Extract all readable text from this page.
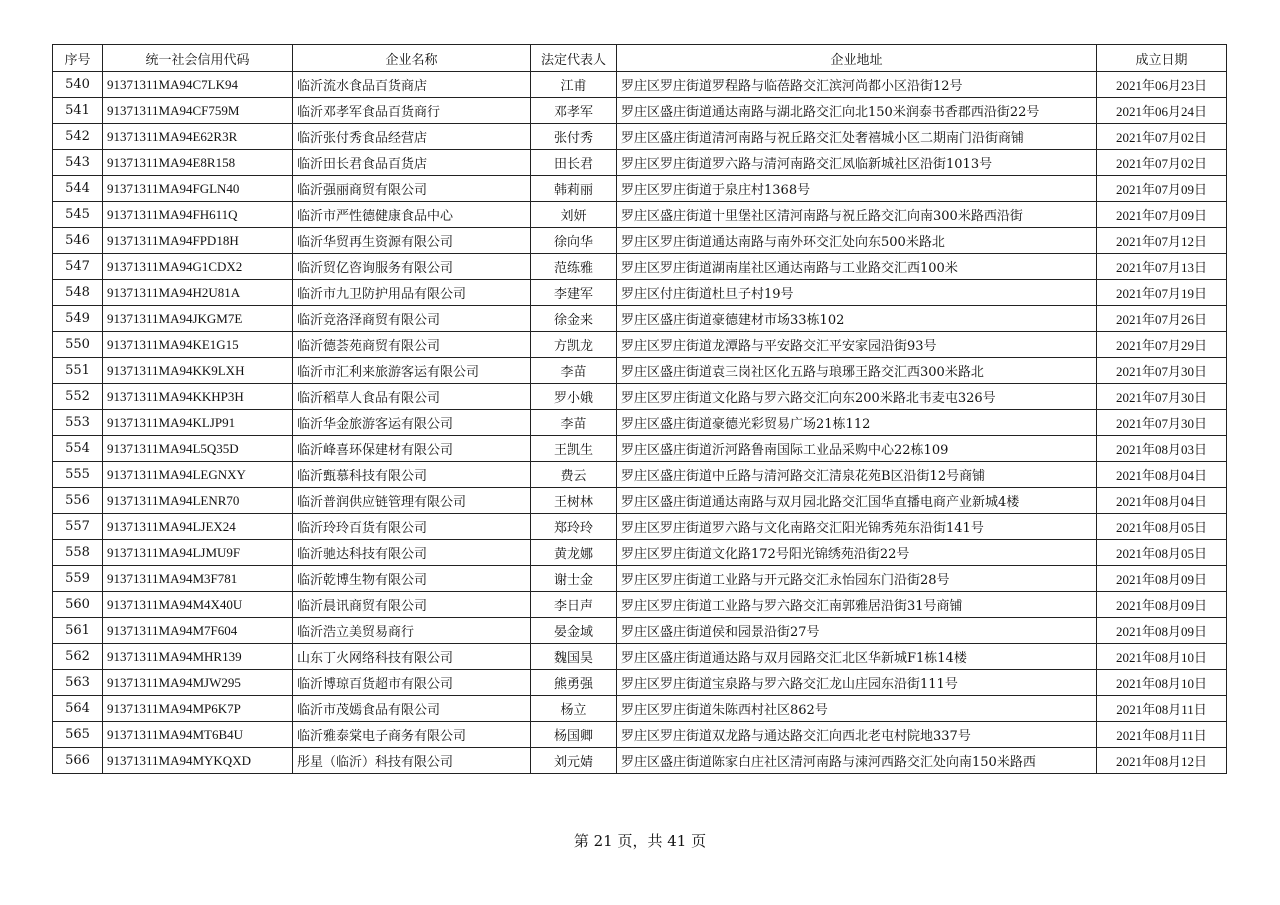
序号	统一社会信用代码	企业名称	法定代表人	企业地址	成立日期
540	91371311MA94C7LK94	临沂流水食品百货商店	江甫	罗庄区罗庄街道罗程路与临蓓路交汇滨河尚都小区沿街12号	2021年06月23日
541	91371311MA94CF759M	临沂邓孝军食品百货商行	邓孝军	罗庄区盛庄街道通达南路与湖北路交汇向北150米润泰书香郡西沿街22号	2021年06月24日
542	91371311MA94E62R3R	临沂张付秀食品经营店	张付秀	罗庄区盛庄街道清河南路与祝丘路交汇处奢禧城小区二期南门沿街商铺	2021年07月02日
543	91371311MA94E8R158	临沂田长君食品百货店	田长君	罗庄区罗庄街道罗六路与清河南路交汇凤临新城社区沿街1013号	2021年07月02日
544	91371311MA94FGLN40	临沂强丽商贸有限公司	韩莉丽	罗庄区罗庄街道于泉庄村1368号	2021年07月09日
545	91371311MA94FH611Q	临沂市严性德健康食品中心	刘妍	罗庄区盛庄街道十里堡社区清河南路与祝丘路交汇向南300米路西沿街	2021年07月09日
546	91371311MA94FPD18H	临沂华贸再生资源有限公司	徐向华	罗庄区罗庄街道通达南路与南外环交汇处向东500米路北	2021年07月12日
547	91371311MA94G1CDX2	临沂贸亿咨询服务有限公司	范练雅	罗庄区罗庄街道湖南崖社区通达南路与工业路交汇西100米	2021年07月13日
548	91371311MA94H2U81A	临沂市九卫防护用品有限公司	李建军	罗庄区付庄街道杜旦子村19号	2021年07月19日
549	91371311MA94JKGM7E	临沂竞洛泽商贸有限公司	徐金来	罗庄区盛庄街道豪德建材市场33栋102	2021年07月26日
550	91371311MA94KE1G15	临沂德荟苑商贸有限公司	方凯龙	罗庄区罗庄街道龙潭路与平安路交汇平安家园沿街93号	2021年07月29日
551	91371311MA94KK9LXH	临沂市汇利来旅游客运有限公司	李苗	罗庄区盛庄街道袁三岗社区化五路与琅琊王路交汇西300米路北	2021年07月30日
552	91371311MA94KKHP3H	临沂稻草人食品有限公司	罗小娥	罗庄区罗庄街道文化路与罗六路交汇向东200米路北韦麦屯326号	2021年07月30日
553	91371311MA94KLJP91	临沂华金旅游客运有限公司	李苗	罗庄区盛庄街道豪德光彩贸易广场21栋112	2021年07月30日
554	91371311MA94L5Q35D	临沂峰喜环保建材有限公司	王凯生	罗庄区盛庄街道沂河路鲁南国际工业品采购中心22栋109	2021年08月03日
555	91371311MA94LEGNXY	临沂甄慕科技有限公司	费云	罗庄区盛庄街道中丘路与清河路交汇清泉花苑B区沿街12号商铺	2021年08月04日
556	91371311MA94LENR70	临沂普润供应链管理有限公司	王树林	罗庄区盛庄街道通达南路与双月园北路交汇国华直播电商产业新城4楼	2021年08月04日
557	91371311MA94LJEX24	临沂玲玲百货有限公司	郑玲玲	罗庄区罗庄街道罗六路与文化南路交汇阳光锦秀苑东沿街141号	2021年08月05日
558	91371311MA94LJMU9F	临沂驰达科技有限公司	黄龙娜	罗庄区罗庄街道文化路172号阳光锦绣苑沿街22号	2021年08月05日
559	91371311MA94M3F781	临沂乾博生物有限公司	谢士金	罗庄区罗庄街道工业路与开元路交汇永怡园东门沿街28号	2021年08月09日
560	91371311MA94M4X40U	临沂晨讯商贸有限公司	李日声	罗庄区罗庄街道工业路与罗六路交汇南郭雅居沿街31号商铺	2021年08月09日
561	91371311MA94M7F604	临沂浩立美贸易商行	晏金域	罗庄区盛庄街道侯和园景沿街27号	2021年08月09日
562	91371311MA94MHR139	山东丁火网络科技有限公司	魏国昊	罗庄区盛庄街道通达路与双月园路交汇北区华新城F1栋14楼	2021年08月10日
563	91371311MA94MJW295	临沂博琼百货超市有限公司	熊勇强	罗庄区罗庄街道宝泉路与罗六路交汇龙山庄园东沿街111号	2021年08月10日
564	91371311MA94MP6K7P	临沂市茂嫣食品有限公司	杨立	罗庄区罗庄街道朱陈西村社区862号	2021年08月11日
565	91371311MA94MT6B4U	临沂雅泰棠电子商务有限公司	杨国卿	罗庄区罗庄街道双龙路与通达路交汇向西北老屯村院地337号	2021年08月11日
566	91371311MA94MYKQXD	彤星（临沂）科技有限公司	刘元婧	罗庄区盛庄街道陈家白庄社区清河南路与涑河西路交汇处向南150米路西	2021年08月12日
第 21 页，共 41 页
